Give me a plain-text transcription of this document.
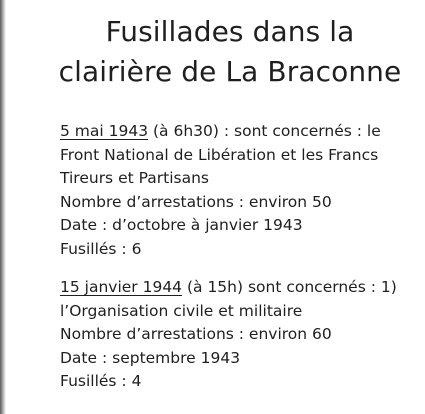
Fusillades dans la
clairière de La Braconne
5 mai 1943 (à 6h30) : sont concernés : le
Front National de Libération et les Francs
Tireurs et Partisans
Nombre d’arrestations : environ 50
Date : d’octobre à janvier 1943
Fusillés : 6
15 janvier 1944 (à 15h) sont concernés : 1)
l’Organisation civile et militaire
Nombre d’arrestations : environ 60
Date : septembre 1943
Fusillés : 4
